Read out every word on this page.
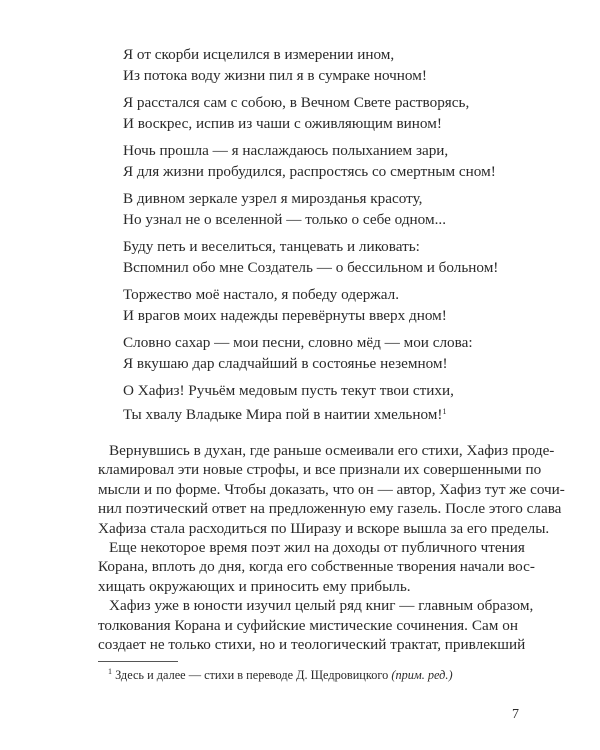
Я от скорби исцелился в измерении ином,
Из потока воду жизни пил я в сумраке ночном!
Я расстался сам с собою, в Вечном Свете растворясь,
И воскрес, испив из чаши с оживляющим вином!
Ночь прошла — я наслаждаюсь полыханием зари,
Я для жизни пробудился, распростясь со смертным сном!
В дивном зеркале узрел я мирозданья красоту,
Но узнал не о вселенной — только о себе одном...
Буду петь и веселиться, танцевать и ликовать:
Вспомнил обо мне Создатель — о бессильном и больном!
Торжество моё настало, я победу одержал.
И врагов моих надежды перевёрнуты вверх дном!
Словно сахар — мои песни, словно мёд — мои слова:
Я вкушаю дар сладчайший в состоянье неземном!
О Хафиз! Ручьём медовым пусть текут твои стихи,
Ты хвалу Владыке Мира пой в наитии хмельном!$^1$
Вернувшись в духан, где раньше осмеивали его стихи, Хафиз проде-
кламировал эти новые строфы, и все признали их совершенными по
мысли и по форме. Чтобы доказать, что он — автор, Хафиз тут же сочи-
нил поэтический ответ на предложенную ему газель. После этого слава
Хафиза стала расходиться по Ширазу и вскоре вышла за его пределы.
Еще некоторое время поэт жил на доходы от публичного чтения
Корана, вплоть до дня, когда его собственные творения начали вос-
хищать окружающих и приносить ему прибыль.
Хафиз уже в юности изучил целый ряд книг — главным образом,
толкования Корана и суфийские мистические сочинения. Сам он
создает не только стихи, но и теологический трактат, привлекший
$^1$ Здесь и далее — стихи в переводе Д. Щедровицкого (прим. ред.)
7
